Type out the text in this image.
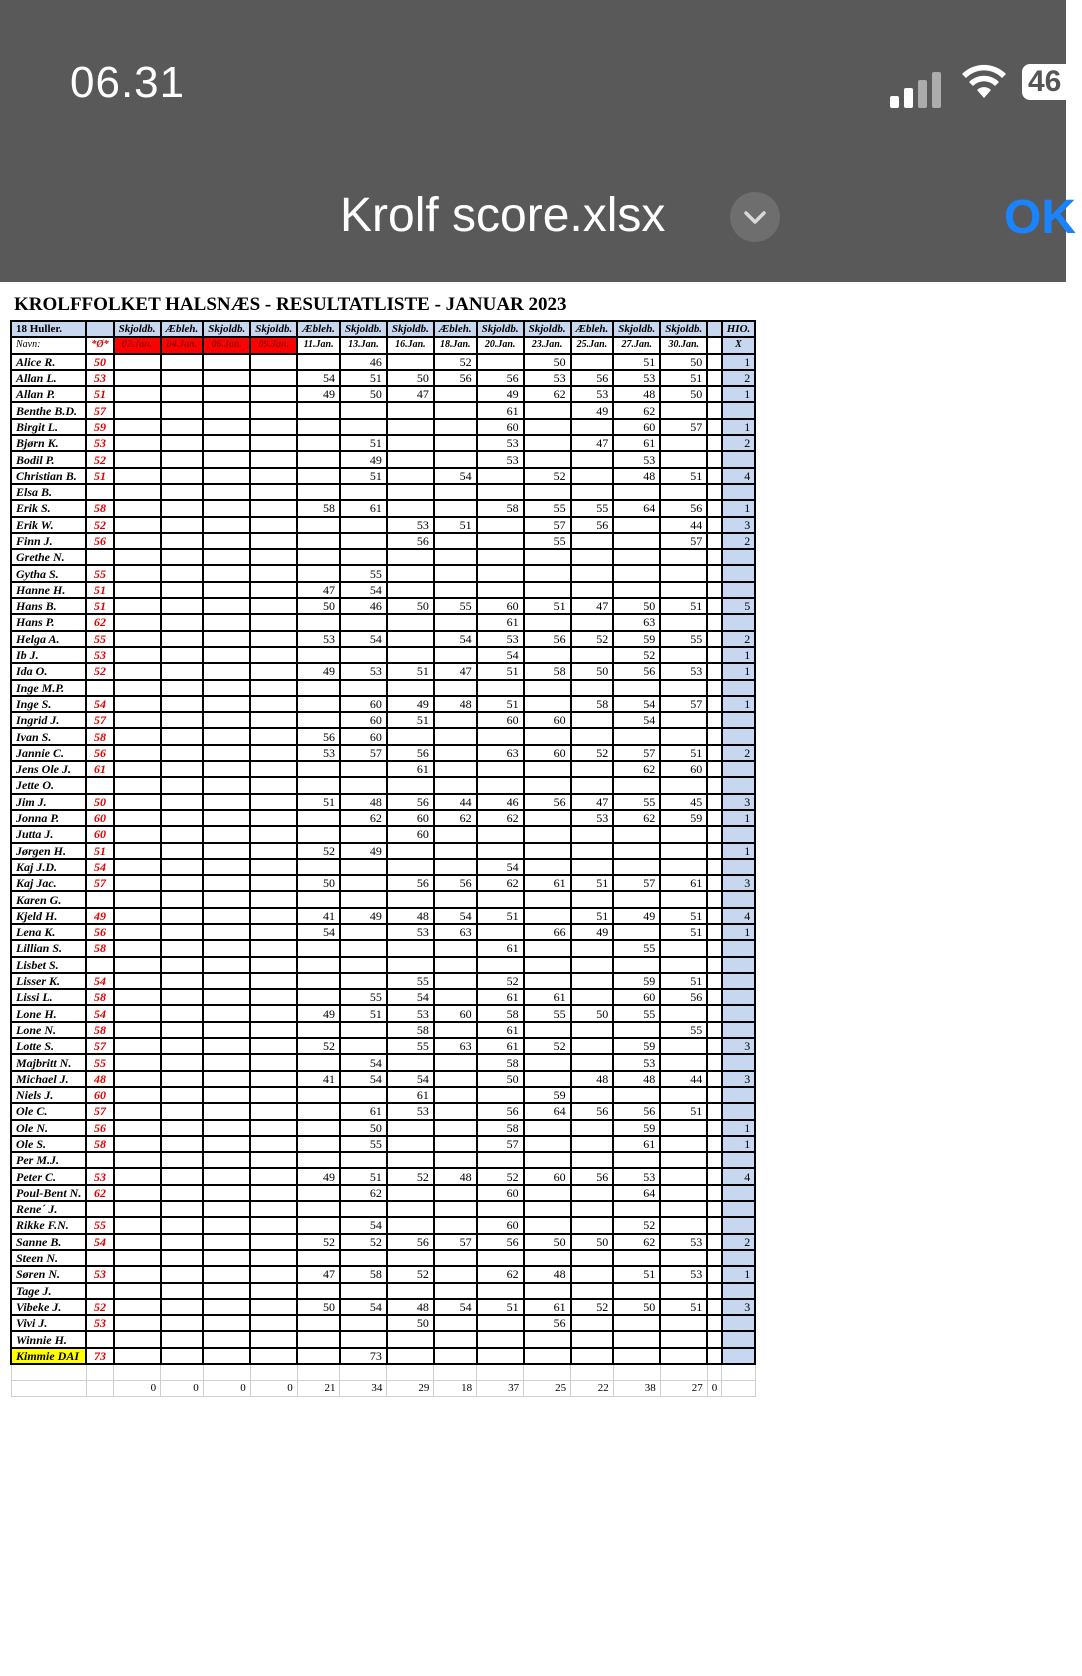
06.31	46
Krolf score.xlsx	OK
KROLFFOLKET HALSNÆS - RESULTATLISTE - JANUAR 2023
18 Huller.		Skjoldb.	Æbleh.	Skjoldb.	Skjoldb.	Æbleh.	Skjoldb.	Skjoldb.	Æbleh.	Skjoldb.	Skjoldb.	Æbleh.	Skjoldb.	Skjoldb.		HIO.
Navn:	*Ø*	02.Jan.	04.Jan.	06.Jan.	09.Jan.	11.Jan.	13.Jan.	16.Jan.	18.Jan.	20.Jan.	23.Jan.	25.Jan.	27.Jan.	30.Jan.		X
Alice R.	50						46		52		50		51	50		1
Allan L.	53					54	51	50	56	56	53	56	53	51		2
Allan P.	51					49	50	47		49	62	53	48	50		1
Benthe B.D.	57									61		49	62			
Birgit L.	59									60			60	57		1
Bjørn K.	53						51			53		47	61			2
Bodil P.	52						49			53			53			
Christian B.	51						51		54		52		48	51		4
Elsa B.																
Erik S.	58					58	61			58	55	55	64	56		1
Erik W.	52							53	51		57	56		44		3
Finn J.	56							56			55			57		2
Grethe N.																
Gytha S.	55						55									
Hanne H.	51					47	54									
Hans B.	51					50	46	50	55	60	51	47	50	51		5
Hans P.	62									61			63			
Helga A.	55					53	54		54	53	56	52	59	55		2
Ib J.	53									54			52			1
Ida O.	52					49	53	51	47	51	58	50	56	53		1
Inge M.P.																
Inge S.	54						60	49	48	51		58	54	57		1
Ingrid J.	57						60	51		60	60		54			
Ivan S.	58					56	60									
Jannie C.	56					53	57	56		63	60	52	57	51		2
Jens Ole J.	61							61					62	60		
Jette O.																
Jim J.	50					51	48	56	44	46	56	47	55	45		3
Jonna P.	60						62	60	62	62		53	62	59		1
Jutta J.	60							60								
Jørgen H.	51					52	49									1
Kaj J.D.	54									54						
Kaj Jac.	57					50		56	56	62	61	51	57	61		3
Karen G.																
Kjeld H.	49					41	49	48	54	51		51	49	51		4
Lena K.	56					54		53	63		66	49		51		1
Lillian S.	58									61			55			
Lisbet S.																
Lisser K.	54							55		52			59	51		
Lissi L.	58						55	54		61	61		60	56		
Lone H.	54					49	51	53	60	58	55	50	55			
Lone N.	58							58		61				55		
Lotte S.	57					52		55	63	61	52		59			3
Majbritt N.	55						54			58			53			
Michael J.	48					41	54	54		50		48	48	44		3
Niels J.	60							61			59					
Ole C.	57						61	53		56	64	56	56	51		
Ole N.	56						50			58			59			1
Ole S.	58						55			57			61			1
Per M.J.																
Peter C.	53					49	51	52	48	52	60	56	53			4
Poul-Bent N.	62						62			60			64			
Rene´ J.																
Rikke F.N.	55						54			60			52			
Sanne B.	54					52	52	56	57	56	50	50	62	53		2
Steen N.																
Søren N.	53					47	58	52		62	48		51	53		1
Tage J.																
Vibeke J.	52					50	54	48	54	51	61	52	50	51		3
Vivi J.	53							50			56					
Winnie H.																
Kimmie DAI	73						73									

		0	0	0	0	21	34	29	18	37	25	22	38	27	0	
